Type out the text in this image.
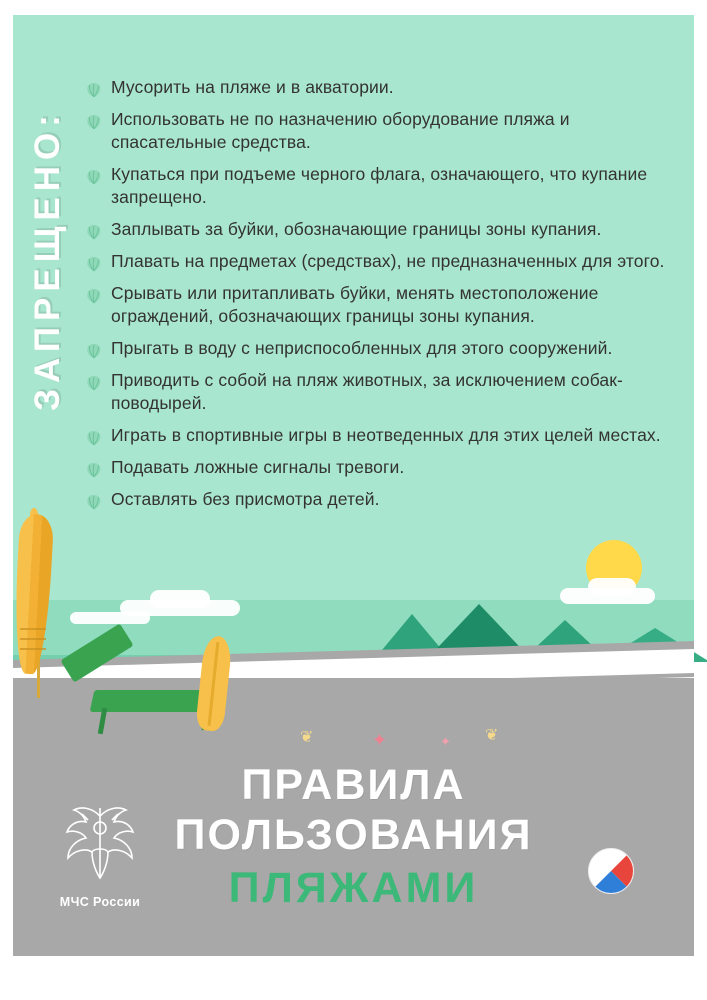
✦	✦
❦	❦
ЗАПРЕЩЕНО:
Мусорить на пляже и в акватории.
Использовать не по назначению оборудование пляжа и спасательные средства.
Купаться при подъеме черного флага, означающего, что купание запрещено.
Заплывать за буйки, обозначающие границы зоны купания.
Плавать на предметах (средствах), не предназначенных для этого.
Срывать или притапливать буйки, менять местоположение ограждений, обозначающих границы зоны купания.
Прыгать в воду с неприспособленных для этого сооружений.
Приводить с собой на пляж животных, за исключением собак-поводырей.
Играть в спортивные игры в неотведенных для этих целей местах.
Подавать ложные сигналы тревоги.
Оставлять без присмотра детей.
ПРАВИЛА
ПОЛЬЗОВАНИЯ
ПЛЯЖАМИ
МЧС России
